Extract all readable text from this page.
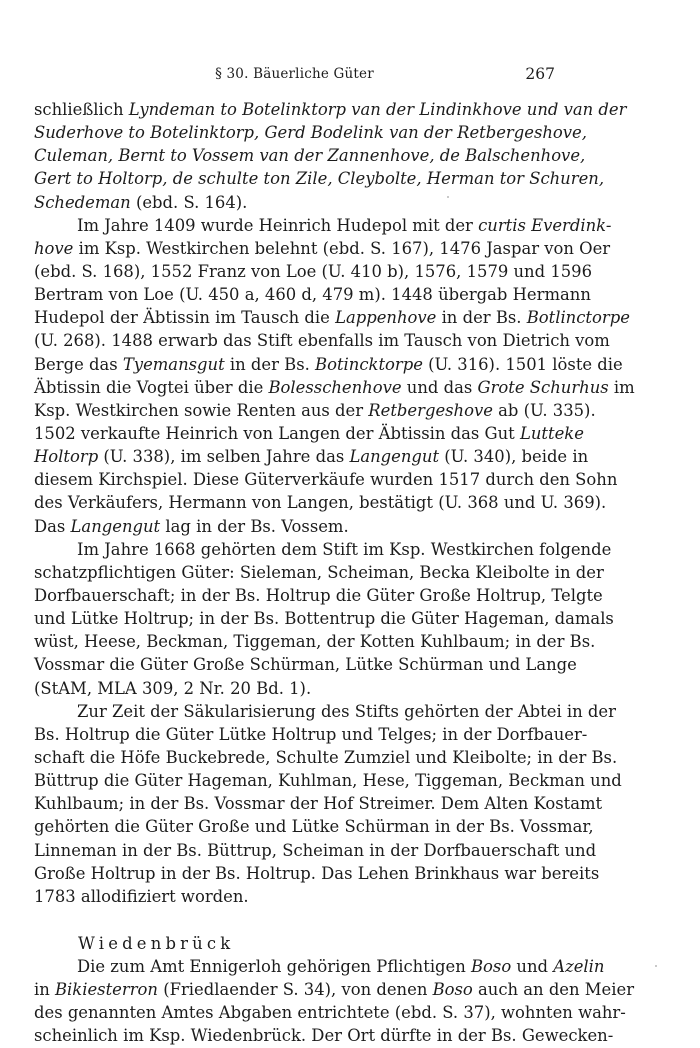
§ 30. Bäuerliche Güter	267
schließlich Lyndeman to Botelinktorp van der Lindinkhove und van der
Suderhove to Botelinktorp, Gerd Bodelink van der Retbergeshove,
Culeman, Bernt to Vossem van der Zannenhove, de Balschenhove,
Gert to Holtorp, de schulte ton Zile, Cleybolte, Herman tor Schuren,
Schedeman (ebd. S. 164).
Im Jahre 1409 wurde Heinrich Hudepol mit der curtis Everdink-
hove im Ksp. Westkirchen belehnt (ebd. S. 167), 1476 Jaspar von Oer
(ebd. S. 168), 1552 Franz von Loe (U. 410 b), 1576, 1579 und 1596
Bertram von Loe (U. 450 a, 460 d, 479 m). 1448 übergab Hermann
Hudepol der Äbtissin im Tausch die Lappenhove in der Bs. Botlinctorpe
(U. 268). 1488 erwarb das Stift ebenfalls im Tausch von Dietrich vom
Berge das Tyemansgut in der Bs. Botincktorpe (U. 316). 1501 löste die
Äbtissin die Vogtei über die Bolesschenhove und das Grote Schurhus im
Ksp. Westkirchen sowie Renten aus der Retbergeshove ab (U. 335).
1502 verkaufte Heinrich von Langen der Äbtissin das Gut Lutteke
Holtorp (U. 338), im selben Jahre das Langengut (U. 340), beide in
diesem Kirchspiel. Diese Güterverkäufe wurden 1517 durch den Sohn
des Verkäufers, Hermann von Langen, bestätigt (U. 368 und U. 369).
Das Langengut lag in der Bs. Vossem.
Im Jahre 1668 gehörten dem Stift im Ksp. Westkirchen folgende
schatzpflichtigen Güter: Sieleman, Scheiman, Becka Kleibolte in der
Dorfbauerschaft; in der Bs. Holtrup die Güter Große Holtrup, Telgte
und Lütke Holtrup; in der Bs. Bottentrup die Güter Hageman, damals
wüst, Heese, Beckman, Tiggeman, der Kotten Kuhlbaum; in der Bs.
Vossmar die Güter Große Schürman, Lütke Schürman und Lange
(StAM, MLA 309, 2 Nr. 20 Bd. 1).
Zur Zeit der Säkularisierung des Stifts gehörten der Abtei in der
Bs. Holtrup die Güter Lütke Holtrup und Telges; in der Dorfbauer-
schaft die Höfe Buckebrede, Schulte Zumziel und Kleibolte; in der Bs.
Büttrup die Güter Hageman, Kuhlman, Hese, Tiggeman, Beckman und
Kuhlbaum; in der Bs. Vossmar der Hof Streimer. Dem Alten Kostamt
gehörten die Güter Große und Lütke Schürman in der Bs. Vossmar,
Linneman in der Bs. Büttrup, Scheiman in der Dorfbauerschaft und
Große Holtrup in der Bs. Holtrup. Das Lehen Brinkhaus war bereits
1783 allodifiziert worden.
Wiedenbrück
Die zum Amt Ennigerloh gehörigen Pflichtigen Boso und Azelin
in Bikiesterron (Friedlaender S. 34), von denen Boso auch an den Meier
des genannten Amtes Abgaben entrichtete (ebd. S. 37), wohnten wahr-
scheinlich im Ksp. Wiedenbrück. Der Ort dürfte in der Bs. Gewecken-
